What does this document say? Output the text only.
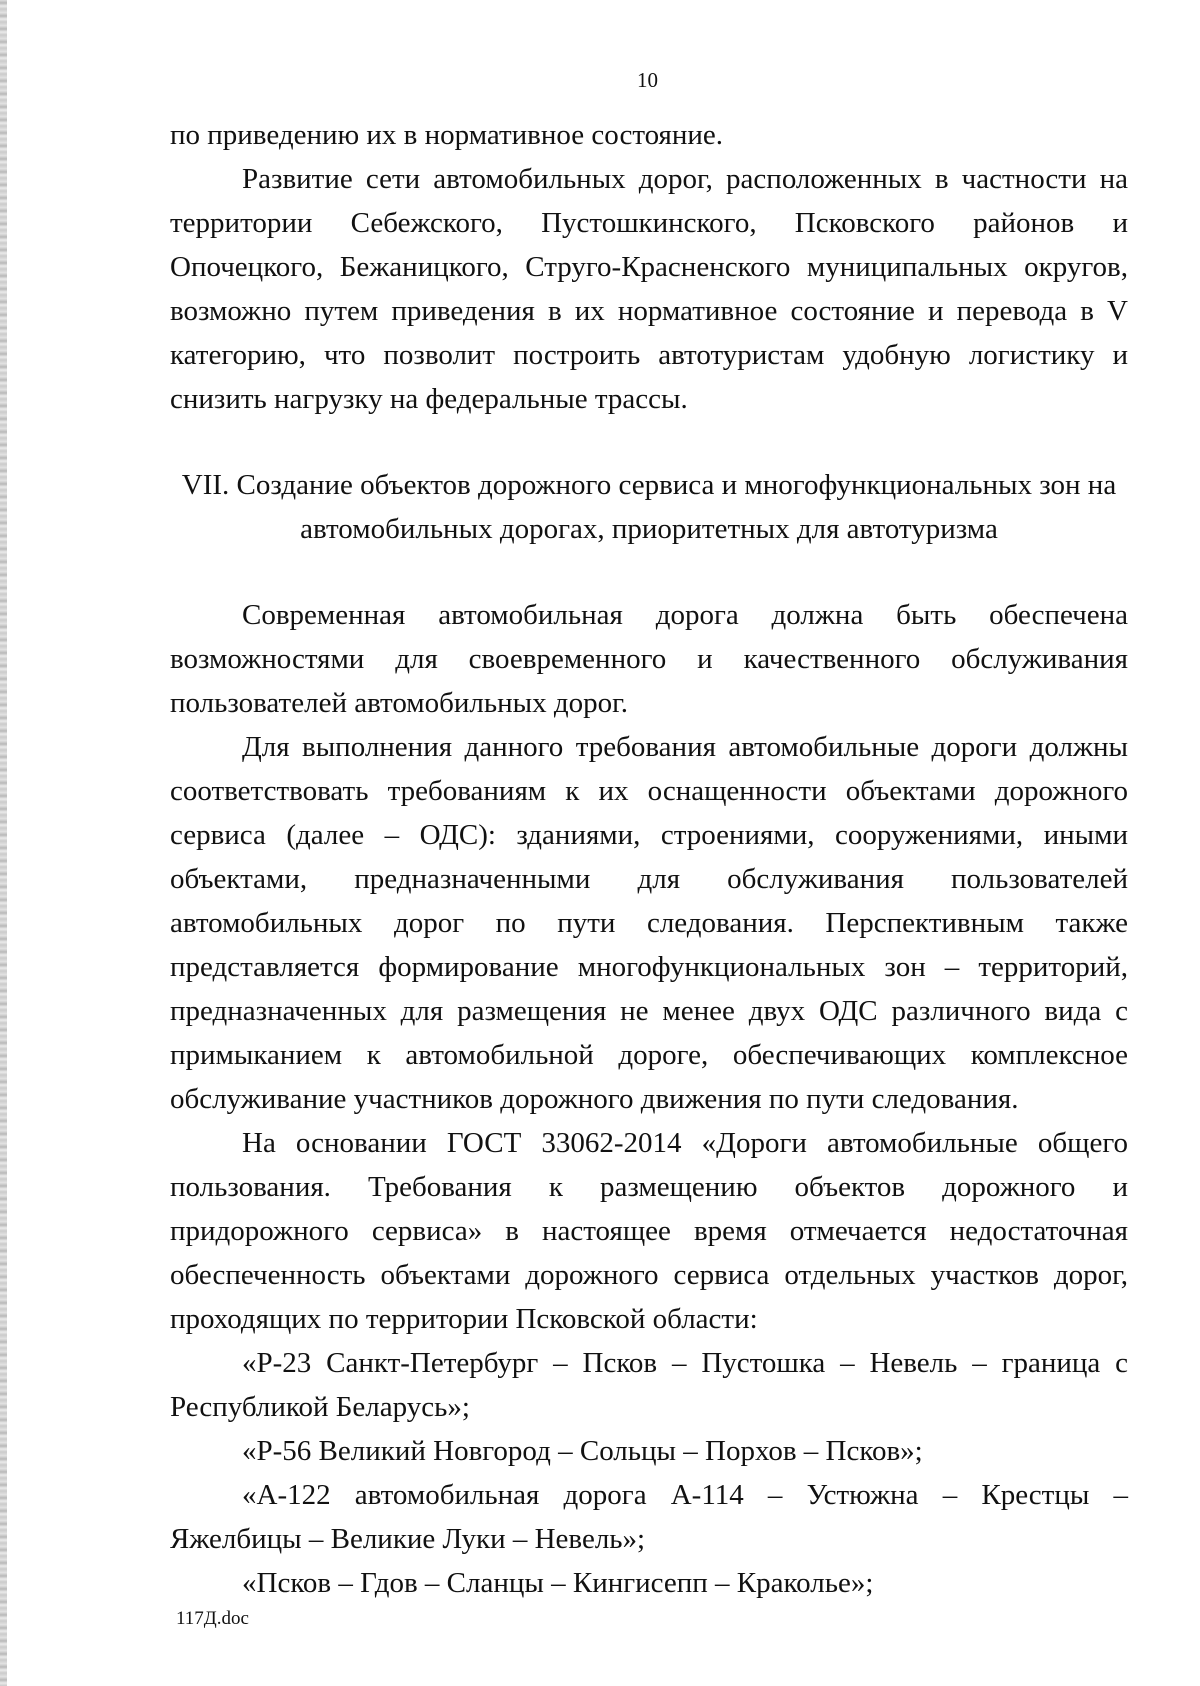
10

по приведению их в нормативное состояние.

Развитие сети автомобильных дорог, расположенных в частности на территории Себежского, Пустошкинского, Псковского районов и Опочецкого, Бежаницкого, Струго-Красненского муниципальных округов, возможно путем приведения в их нормативное состояние и перевода в V категорию, что позволит построить автотуристам удобную логистику и снизить нагрузку на федеральные трассы.

VII. Создание объектов дорожного сервиса и многофункциональных зон на автомобильных дорогах, приоритетных для автотуризма

Современная автомобильная дорога должна быть обеспечена возможностями для своевременного и качественного обслуживания пользователей автомобильных дорог.

Для выполнения данного требования автомобильные дороги должны соответствовать требованиям к их оснащенности объектами дорожного сервиса (далее – ОДС): зданиями, строениями, сооружениями, иными объектами, предназначенными для обслуживания пользователей автомобильных дорог по пути следования. Перспективным также представляется формирование многофункциональных зон – территорий, предназначенных для размещения не менее двух ОДС различного вида с примыканием к автомобильной дороге, обеспечивающих комплексное обслуживание участников дорожного движения по пути следования.

На основании ГОСТ 33062-2014 «Дороги автомобильные общего пользования. Требования к размещению объектов дорожного и придорожного сервиса» в настоящее время отмечается недостаточная обеспеченность объектами дорожного сервиса отдельных участков дорог, проходящих по территории Псковской области:

«Р-23 Санкт-Петербург – Псков – Пустошка – Невель – граница с Республикой Беларусь»;

«Р-56 Великий Новгород – Сольцы – Порхов – Псков»;

«А-122 автомобильная дорога А-114 – Устюжна – Крестцы – Яжелбицы – Великие Луки – Невель»;

«Псков – Гдов – Сланцы – Кингисепп – Краколье»;

117Д.doc
